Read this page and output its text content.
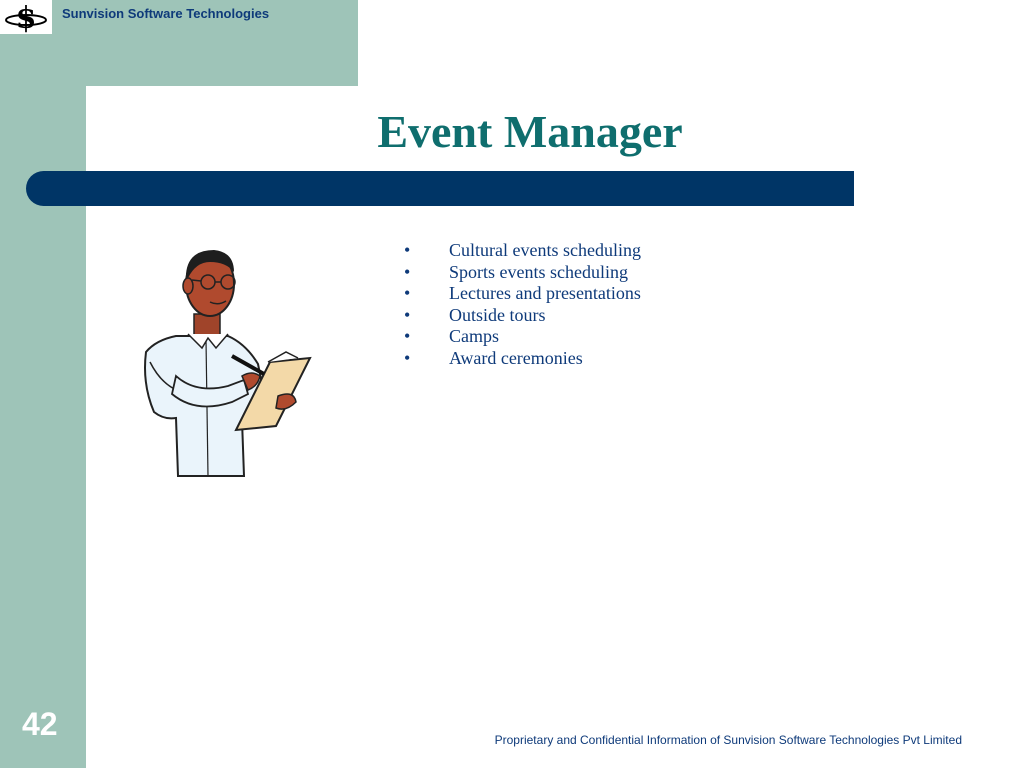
$ Sunvision Software Technologies
Event Manager
• Cultural events scheduling
• Sports events scheduling
• Lectures and presentations
• Outside tours
• Camps
• Award ceremonies
42	Proprietary and Confidential Information of Sunvision Software Technologies Pvt Limited
